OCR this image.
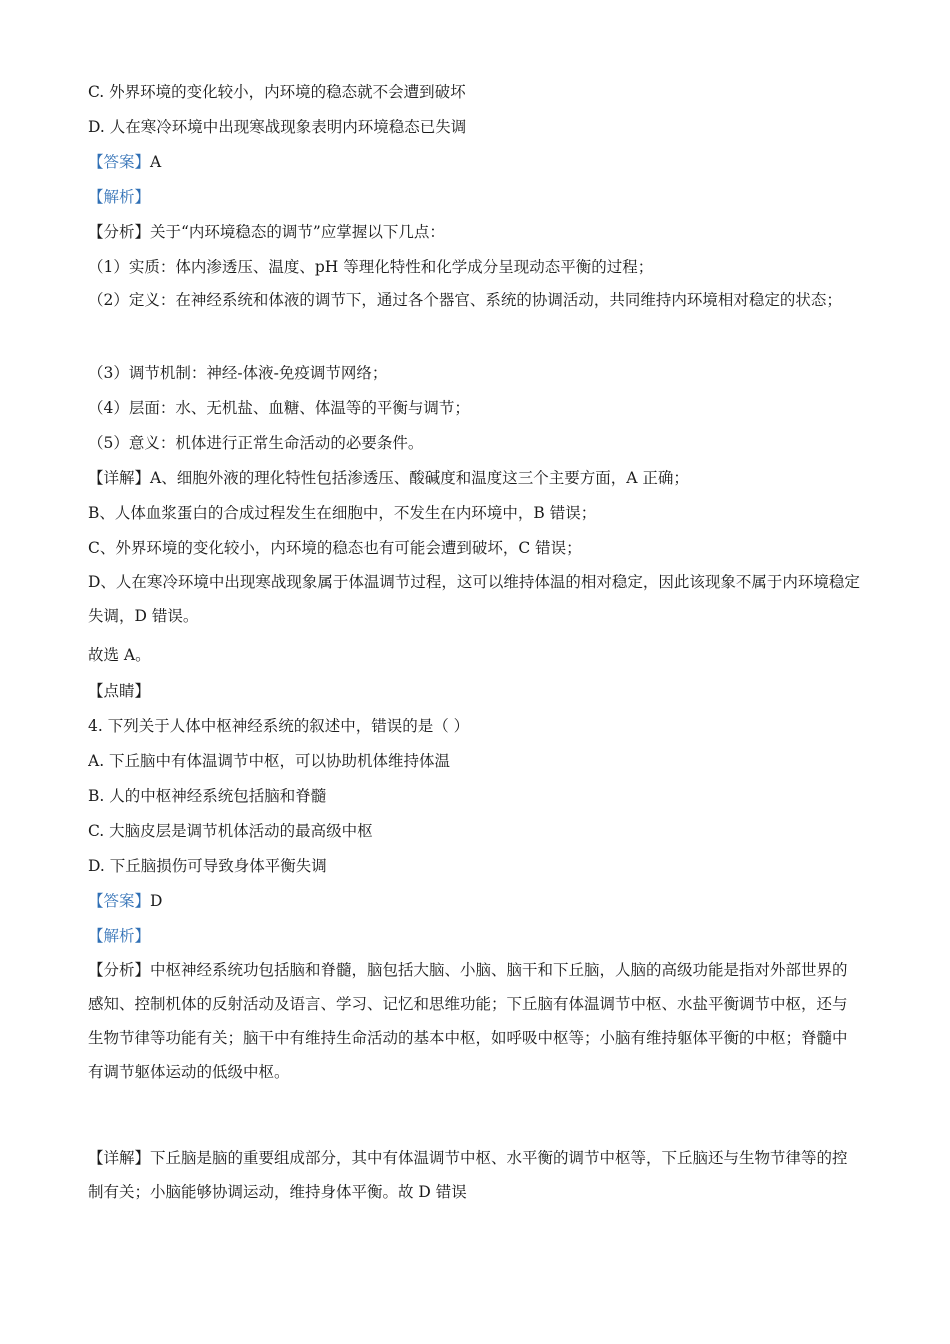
C. 外界环境的变化较小，内环境的稳态就不会遭到破坏
D. 人在寒冷环境中出现寒战现象表明内环境稳态已失调
【答案】A
【解析】
【分析】关于“内环境稳态的调节”应掌握以下几点：
（1）实质：体内渗透压、温度、pH 等理化特性和化学成分呈现动态平衡的过程；
（2）定义：在神经系统和体液的调节下，通过各个器官、系统的协调活动，共同维持内环境相对稳定的状态；
（3）调节机制：神经-体液-免疫调节网络；
（4）层面：水、无机盐、血糖、体温等的平衡与调节；
（5）意义：机体进行正常生命活动的必要条件。
【详解】A、细胞外液的理化特性包括渗透压、酸碱度和温度这三个主要方面，A 正确；
B、人体血浆蛋白的合成过程发生在细胞中，不发生在内环境中，B 错误；
C、外界环境的变化较小，内环境的稳态也有可能会遭到破坏，C 错误；
D、人在寒冷环境中出现寒战现象属于体温调节过程，这可以维持体温的相对稳定，因此该现象不属于内环境稳定失调，D 错误。
故选 A。
【点睛】
4. 下列关于人体中枢神经系统的叙述中，错误的是（ ）
A. 下丘脑中有体温调节中枢，可以协助机体维持体温
B. 人的中枢神经系统包括脑和脊髓
C. 大脑皮层是调节机体活动的最高级中枢
D. 下丘脑损伤可导致身体平衡失调
【答案】D
【解析】
【分析】中枢神经系统功包括脑和脊髓，脑包括大脑、小脑、脑干和下丘脑，人脑的高级功能是指对外部世界的感知、控制机体的反射活动及语言、学习、记忆和思维功能；下丘脑有体温调节中枢、水盐平衡调节中枢，还与生物节律等功能有关；脑干中有维持生命活动的基本中枢，如呼吸中枢等；小脑有维持躯体平衡的中枢；脊髓中有调节躯体运动的低级中枢。
【详解】下丘脑是脑的重要组成部分，其中有体温调节中枢、水平衡的调节中枢等，下丘脑还与生物节律等的控制有关；小脑能够协调运动，维持身体平衡。故 D 错误
